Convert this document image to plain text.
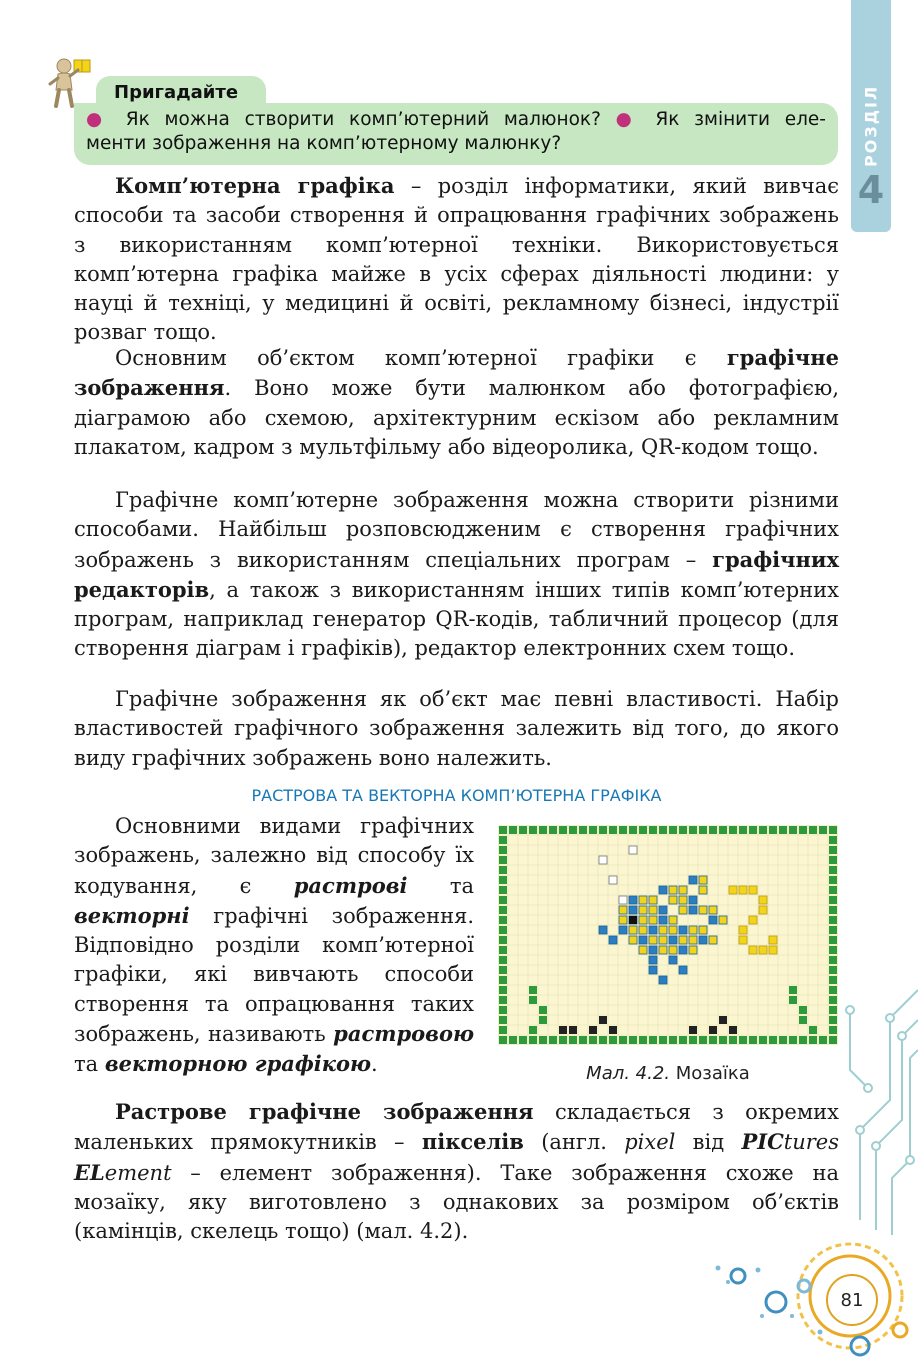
РОЗДІЛ
4
Пригадайте
● Як можна створити комп’ютерний малюнок? ● Як змінити еле-
менти зображення на комп’ютерному малюнку?

Комп’ютерна графіка – розділ інформатики, який вивчає способи та засоби створення й опрацювання графічних зображень з використанням комп’ютерної техніки. Використовується комп’ютерна графіка майже в усіх сферах діяльності людини: у науці й техніці, у медицині й освіті, рекламному бізнесі, індустрії розваг тощо.

Основним об’єктом комп’ютерної графіки є графічне зображення. Воно може бути малюнком або фотографією, діаграмою або схемою, архітектурним ескізом або рекламним плакатом, кадром з мультфільму або відеоролика, QR-кодом тощо.

Графічне комп’ютерне зображення можна створити різними способами. Найбільш розповсюдженим є створення графічних зображень з використанням спеціальних програм – графічних редакторів, а також з використанням інших типів комп’ютерних програм, наприклад генератор QR-кодів, табличний процесор (для створення діаграм і графіків), редактор електронних схем тощо.

Графічне зображення як об’єкт має певні властивості. Набір властивостей графічного зображення залежить від того, до якого виду графічних зображень воно належить.

РАСТРОВА ТА ВЕКТОРНА КОМП’ЮТЕРНА ГРАФІКА

Основними видами графічних зображень, залежно від способу їх кодування, є растрові та векторні графічні зображення. Відповідно розділи комп’ютерної графіки, які вивчають способи створення та опрацювання таких зображень, називають растровою та векторною графікою.	Мал. 4.2. Мозаїка

Растрове графічне зображення складається з окремих маленьких прямокутників – пікселів (англ. pixel від PICtures ELement – елемент зображення). Таке зображення схоже на мозаїку, яку виготовлено з однакових за розміром об’єктів (камінців, скелець тощо) (мал. 4.2).

81
